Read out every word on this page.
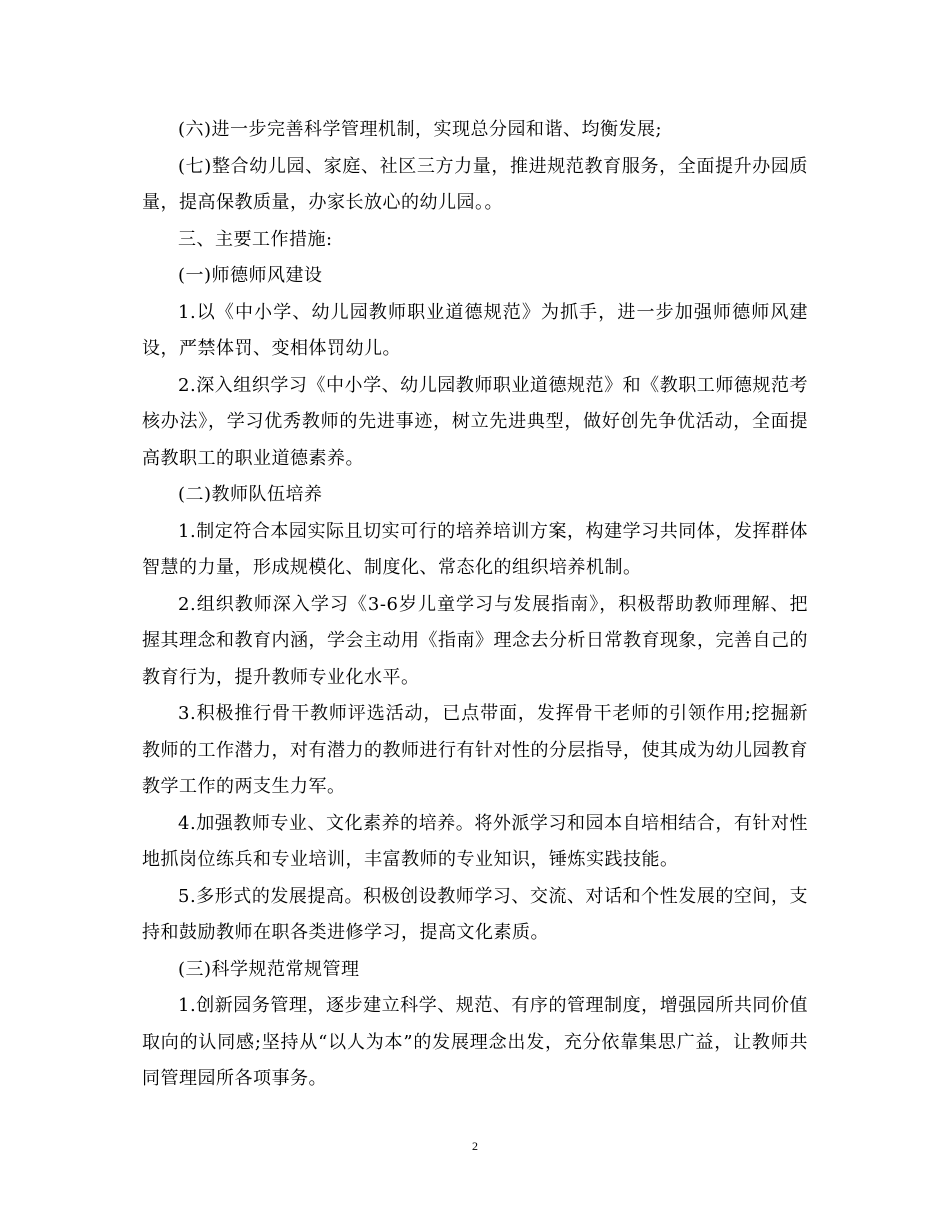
(六)进一步完善科学管理机制，实现总分园和谐、均衡发展;

(七)整合幼儿园、家庭、社区三方力量，推进规范教育服务，全面提升办园质量，提高保教质量，办家长放心的幼儿园。。

三、主要工作措施:

(一)师德师风建设

1.以《中小学、幼儿园教师职业道德规范》为抓手，进一步加强师德师风建设，严禁体罚、变相体罚幼儿。

2.深入组织学习《中小学、幼儿园教师职业道德规范》和《教职工师德规范考核办法》，学习优秀教师的先进事迹，树立先进典型，做好创先争优活动，全面提高教职工的职业道德素养。

(二)教师队伍培养

1.制定符合本园实际且切实可行的培养培训方案，构建学习共同体，发挥群体智慧的力量，形成规模化、制度化、常态化的组织培养机制。

2.组织教师深入学习《3-6岁儿童学习与发展指南》，积极帮助教师理解、把握其理念和教育内涵，学会主动用《指南》理念去分析日常教育现象，完善自己的教育行为，提升教师专业化水平。

3.积极推行骨干教师评选活动，已点带面，发挥骨干老师的引领作用;挖掘新教师的工作潜力，对有潜力的教师进行有针对性的分层指导，使其成为幼儿园教育教学工作的两支生力军。

4.加强教师专业、文化素养的培养。将外派学习和园本自培相结合，有针对性地抓岗位练兵和专业培训，丰富教师的专业知识，锤炼实践技能。

5.多形式的发展提高。积极创设教师学习、交流、对话和个性发展的空间，支持和鼓励教师在职各类进修学习，提高文化素质。

(三)科学规范常规管理

1.创新园务管理，逐步建立科学、规范、有序的管理制度，增强园所共同价值取向的认同感;坚持从“以人为本”的发展理念出发，充分依靠集思广益，让教师共同管理园所各项事务。

2
